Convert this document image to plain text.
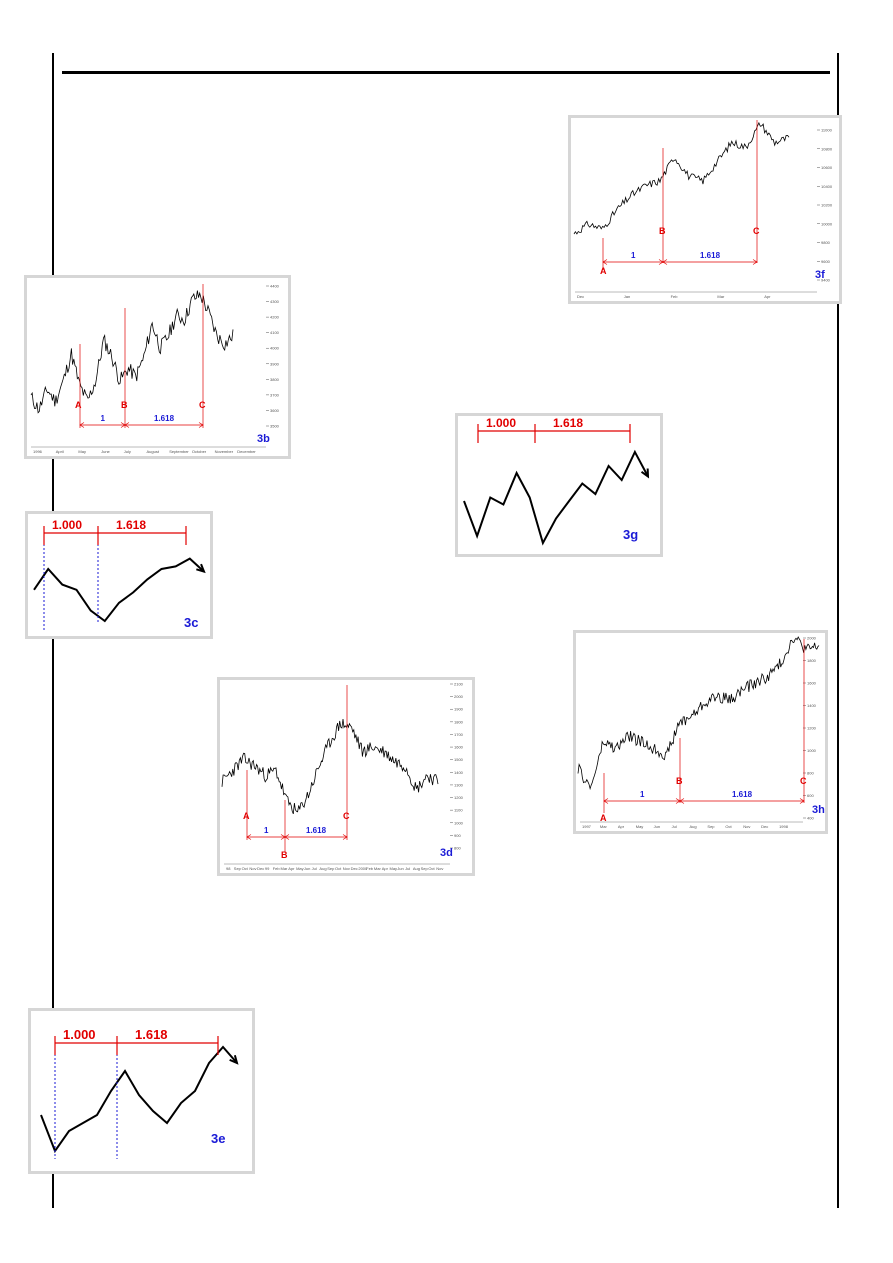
4400
4300
4200
4100
4000
3900
3800
3700
3600
3500
1996	April	May	June	July	August	September October November December
A	B	C
1	1.618
3b
1.000	1.618
3c
2100
2000
1900
1800
1700
1600
1500
1400
1300
1200
1100
1000
900
800
98 Sep Oct Nov Dec 99 Feb Mar Apr May Jun Jul Aug Sep Oct Nov Dec 2000
Feb Mar Apr May Jun Jul Aug Sep Oct Nov
A
B
C
1	1.618
3d
1.000	1.618
3e
11000
10800
10600
10400
10200
10000
9800
9600
9400
Dec	Jan	Feb	Mar	Apr
A
B	C
1	1.618
3f
1.000	1.618
3g
2000
1800
1600
1400
1200
1000
800
600
400
1997 Mar	Apr	May	Jun	Jul	Aug	Sep	Oct	Nov	Dec	1998
A
B	C
1	1.618
3h
